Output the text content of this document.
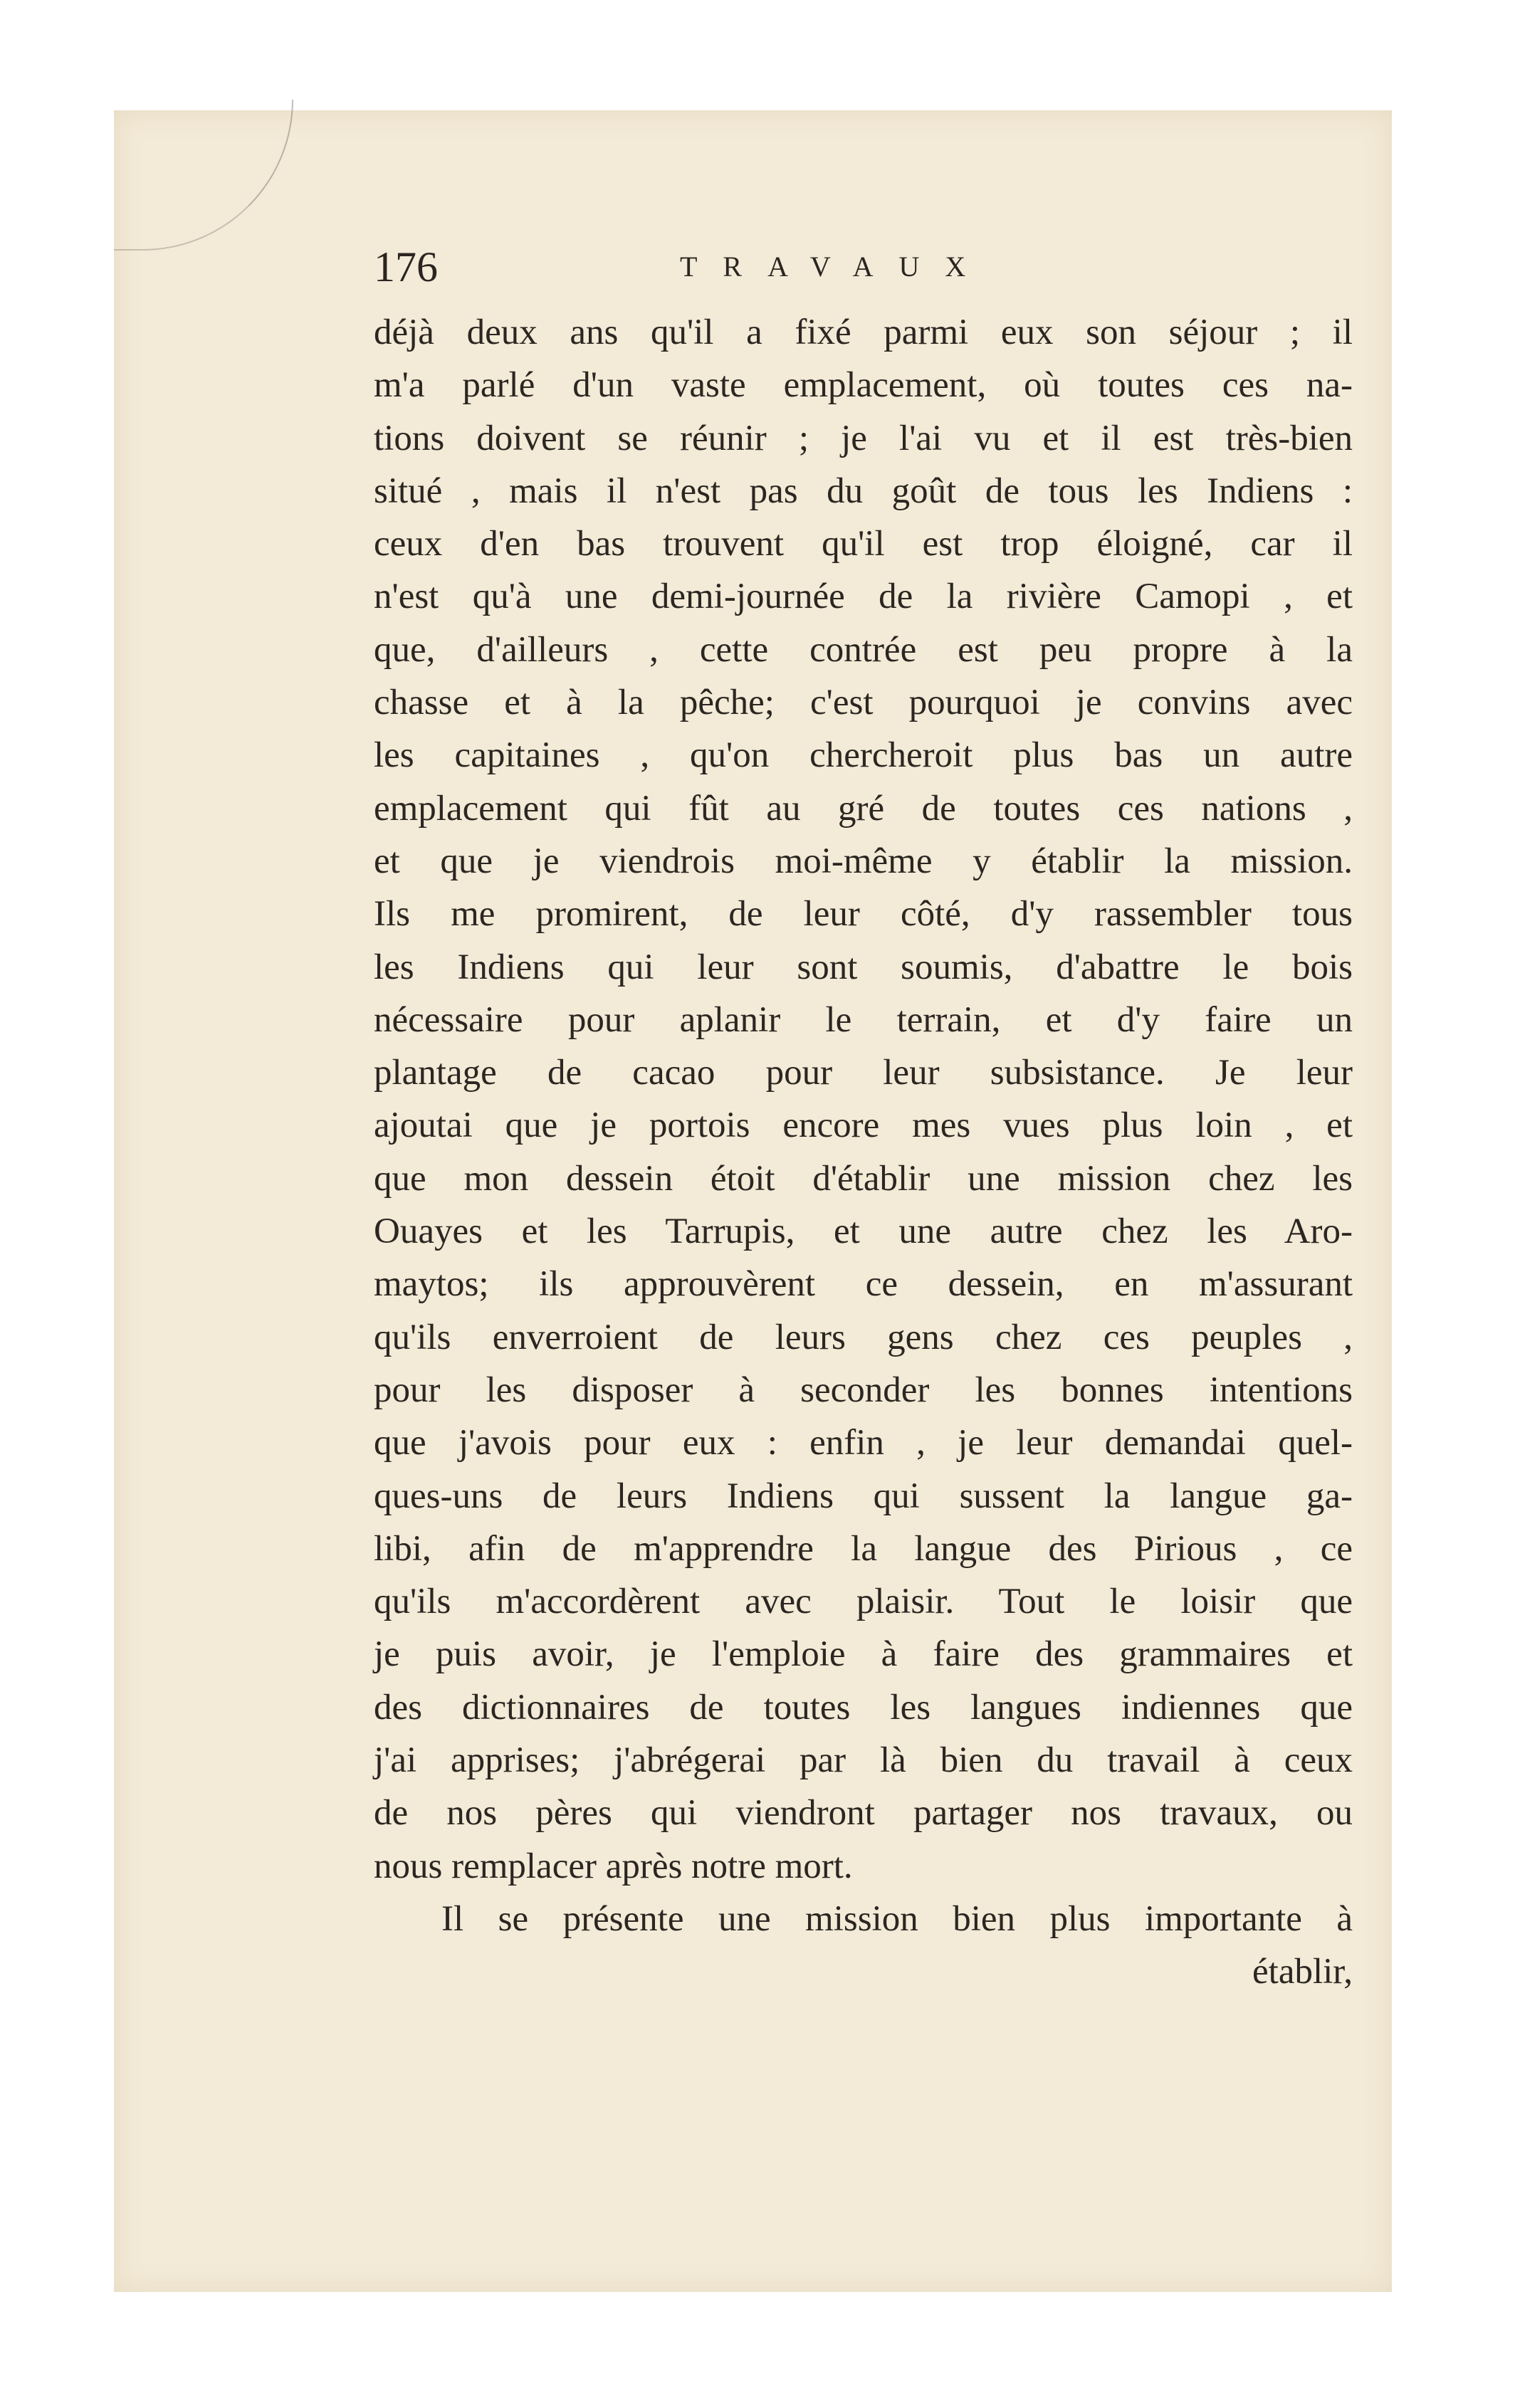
176	TRAVAUX
déjà deux ans qu'il a fixé parmi eux son séjour ; il
m'a parlé d'un vaste emplacement, où toutes ces na-
tions doivent se réunir ; je l'ai vu et il est très-bien
situé , mais il n'est pas du goût de tous les Indiens :
ceux d'en bas trouvent qu'il est trop éloigné, car il
n'est qu'à une demi-journée de la rivière Camopi , et
que, d'ailleurs , cette contrée est peu propre à la
chasse et à la pêche; c'est pourquoi je convins avec
les capitaines , qu'on chercheroit plus bas un autre
emplacement qui fût au gré de toutes ces nations ,
et que je viendrois moi-même y établir la mission.
Ils me promirent, de leur côté, d'y rassembler tous
les Indiens qui leur sont soumis, d'abattre le bois
nécessaire pour aplanir le terrain, et d'y faire un
plantage de cacao pour leur subsistance. Je leur
ajoutai que je portois encore mes vues plus loin , et
que mon dessein étoit d'établir une mission chez les
Ouayes et les Tarrupis, et une autre chez les Aro-
maytos; ils approuvèrent ce dessein, en m'assurant
qu'ils enverroient de leurs gens chez ces peuples ,
pour les disposer à seconder les bonnes intentions
que j'avois pour eux : enfin , je leur demandai quel-
ques-uns de leurs Indiens qui sussent la langue ga-
libi, afin de m'apprendre la langue des Pirious , ce
qu'ils m'accordèrent avec plaisir. Tout le loisir que
je puis avoir, je l'emploie à faire des grammaires et
des dictionnaires de toutes les langues indiennes que
j'ai apprises; j'abrégerai par là bien du travail à ceux
de nos pères qui viendront partager nos travaux, ou
nous remplacer après notre mort.
Il se présente une mission bien plus importante à
établir,
